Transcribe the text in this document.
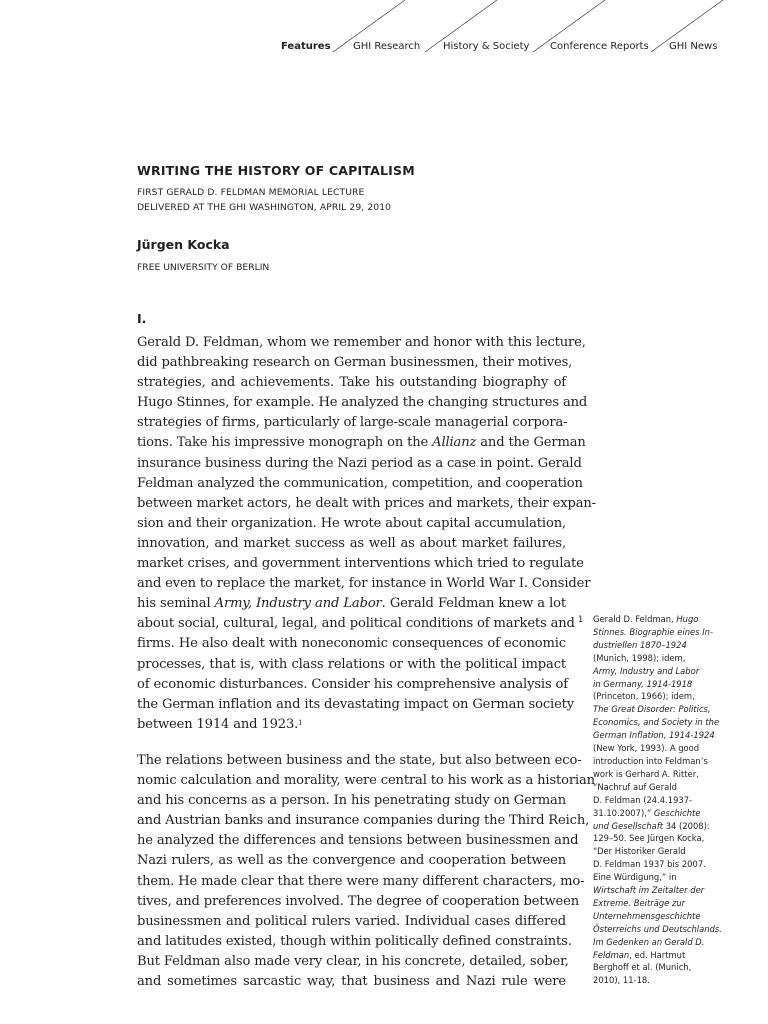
Features GHI Research History & Society Conference Reports GHI News
WRITING THE HISTORY OF CAPITALISM
FIRST GERALD D. FELDMAN MEMORIAL LECTURE
DELIVERED AT THE GHI WASHINGTON, APRIL 29, 2010
Jürgen Kocka
FREE UNIVERSITY OF BERLIN
I.

Gerald D. Feldman, whom we remember and honor with this lecture,
did pathbreaking research on German businessmen, their motives,
strategies, and achievements. Take his outstanding biography of
Hugo Stinnes, for example. He analyzed the changing structures and
strategies of firms, particularly of large-scale managerial corpora-
tions. Take his impressive monograph on the Allianz and the German
insurance business during the Nazi period as a case in point. Gerald
Feldman analyzed the communication, competition, and cooperation
between market actors, he dealt with prices and markets, their expan-
sion and their organization. He wrote about capital accumulation,
innovation, and market success as well as about market failures,
market crises, and government interventions which tried to regulate
and even to replace the market, for instance in World War I. Consider
his seminal Army, Industry and Labor. Gerald Feldman knew a lot
about social, cultural, legal, and political conditions of markets and
firms. He also dealt with noneconomic consequences of economic
processes, that is, with class relations or with the political impact
of economic disturbances. Consider his comprehensive analysis of
the German inflation and its devastating impact on German society
between 1914 and 1923.$^1$

The relations between business and the state, but also between eco-
nomic calculation and morality, were central to his work as a historian
and his concerns as a person. In his penetrating study on German
and Austrian banks and insurance companies during the Third Reich,
he analyzed the differences and tensions between businessmen and
Nazi rulers, as well as the convergence and cooperation between
them. He made clear that there were many different characters, mo-
tives, and preferences involved. The degree of cooperation between
businessmen and political rulers varied. Individual cases differed
and latitudes existed, though within politically defined constraints.
But Feldman also made very clear, in his concrete, detailed, sober,
and sometimes sarcastic way, that business and Nazi rule were

1 Gerald D. Feldman, Hugo
Stinnes. Biographie eines In-
dustriellen 1870–1924
(Munich, 1998); idem,
Army, Industry and Labor
in Germany, 1914-1918
(Princeton, 1966); idem,
The Great Disorder: Politics,
Economics, and Society in the
German Inflation, 1914-1924
(New York, 1993). A good
introduction into Feldman’s
work is Gerhard A. Ritter,
“Nachruf auf Gerald
D. Feldman (24.4.1937-
31.10.2007),” Geschichte
und Gesellschaft 34 (2008):
129–50. See Jürgen Kocka,
“Der Historiker Gerald
D. Feldman 1937 bis 2007.
Eine Würdigung,” in
Wirtschaft im Zeitalter der
Extreme. Beiträge zur
Unternehmensgeschichte
Österreichs und Deutschlands.
Im Gedenken an Gerald D.
Feldman, ed. Hartmut
Berghoff et al. (Munich,
2010), 11-18.
